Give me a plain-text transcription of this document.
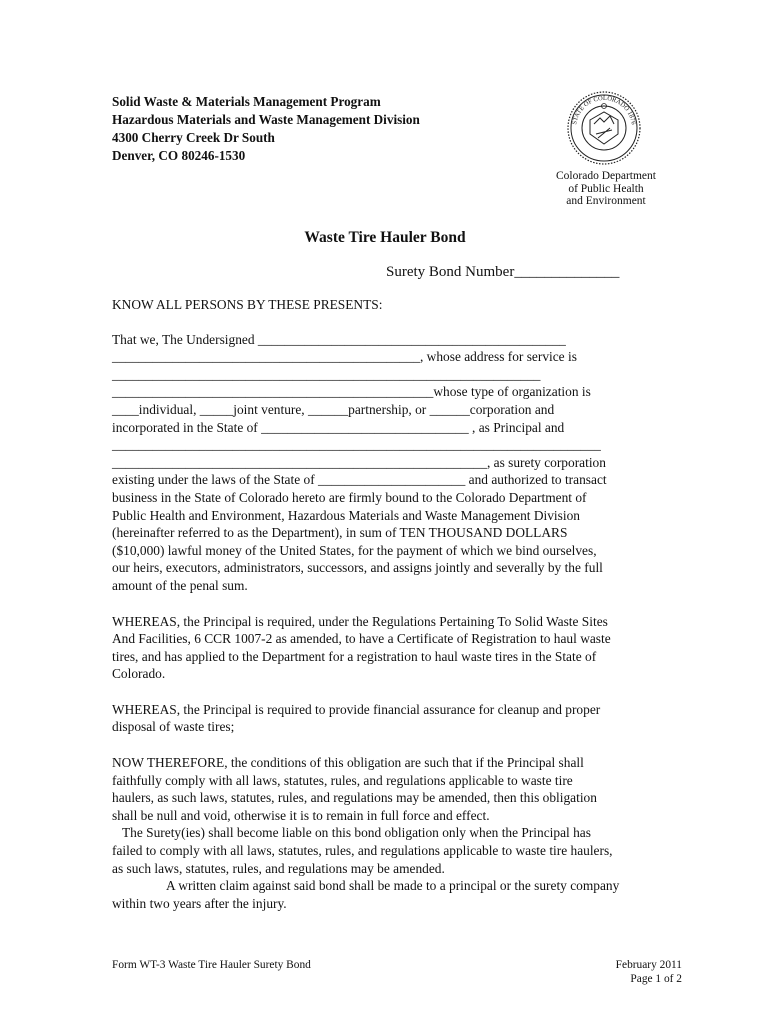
Solid Waste & Materials Management Program
Hazardous Materials and Waste Management Division
4300 Cherry Creek Dr South
Denver, CO 80246-1530
STATE OF COLORADO 1876
Colorado Department
of Public Health
and Environment
Waste Tire Hauler Bond
Surety Bond Number______________

KNOW ALL PERSONS BY THESE PRESENTS:

That we, The Undersigned ______________________________________________

______________________________________________, whose address for service is

________________________________________________________________

________________________________________________whose type of organization is

____individual, _____joint venture, ______partnership, or ______corporation and

incorporated in the State of _______________________________ , as Principal and

_________________________________________________________________________

________________________________________________________, as surety corporation

existing under the laws of the State of ______________________ and authorized to transact

business in the State of Colorado hereto are firmly bound to the Colorado Department of

Public Health and Environment, Hazardous Materials and Waste Management Division

(hereinafter referred to as the Department), in sum of TEN THOUSAND DOLLARS

($10,000) lawful money of the United States, for the payment of which we bind ourselves,

our heirs, executors, administrators, successors, and assigns jointly and severally by the full

amount of the penal sum.

WHEREAS, the Principal is required, under the Regulations Pertaining To Solid Waste Sites

And Facilities, 6 CCR 1007-2 as amended, to have a Certificate of Registration to haul waste

tires, and has applied to the Department for a registration to haul waste tires in the State of

Colorado.

WHEREAS, the Principal is required to provide financial assurance for cleanup and proper

disposal of waste tires;

NOW THEREFORE, the conditions of this obligation are such that if the Principal shall

faithfully comply with all laws, statutes, rules, and regulations applicable to waste tire

haulers, as such laws, statutes, rules, and regulations may be amended, then this obligation

shall be null and void, otherwise it is to remain in full force and effect.

The Surety(ies) shall become liable on this bond obligation only when the Principal has

failed to comply with all laws, statutes, rules, and regulations applicable to waste tire haulers,

as such laws, statutes, rules, and regulations may be amended.

A written claim against said bond shall be made to a principal or the surety company

within two years after the injury.

Form WT-3 Waste Tire Hauler Surety Bond	February 2011
Page 1 of 2
